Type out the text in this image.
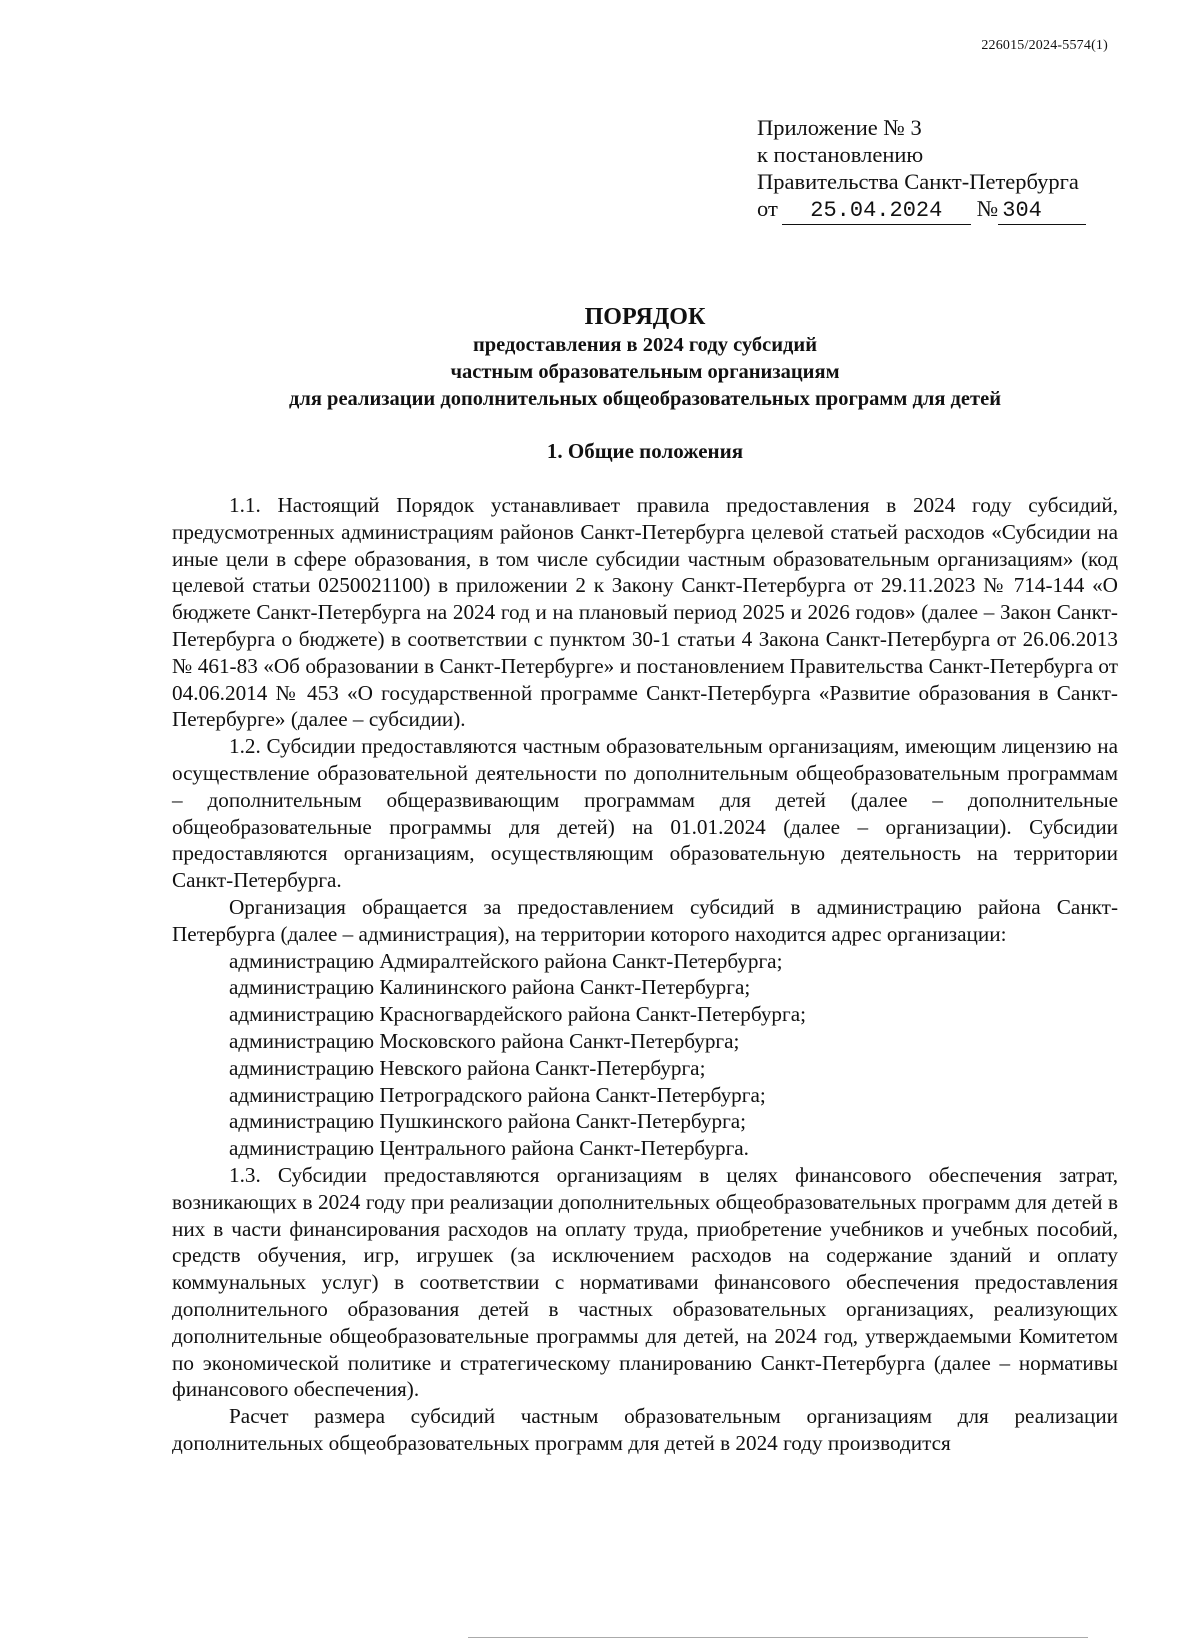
226015/2024-5574(1)
Приложение № 3
к постановлению
Правительства Санкт-Петербурга
от 25.04.2024 № 304
ПОРЯДОК
предоставления в 2024 году субсидий
частным образовательным организациям
для реализации дополнительных общеобразовательных программ для детей
1. Общие положения

1.1. Настоящий Порядок устанавливает правила предоставления в 2024 году субсидий, предусмотренных администрациям районов Санкт-Петербурга целевой статьей расходов «Субсидии на иные цели в сфере образования, в том числе субсидии частным образовательным организациям» (код целевой статьи 0250021100) в приложении 2 к Закону Санкт-Петербурга от 29.11.2023 № 714-144 «О бюджете Санкт-Петербурга на 2024 год и на плановый период 2025 и 2026 годов» (далее – Закон Санкт-Петербурга о бюджете) в соответствии с пунктом 30-1 статьи 4 Закона Санкт-Петербурга от 26.06.2013 № 461-83 «Об образовании в Санкт-Петербурге» и постановлением Правительства Санкт-Петербурга от 04.06.2014 № 453 «О государственной программе Санкт-Петербурга «Развитие образования в Санкт-Петербурге» (далее – субсидии).

1.2. Субсидии предоставляются частным образовательным организациям, имеющим лицензию на осуществление образовательной деятельности по дополнительным общеобразовательным программам – дополнительным общеразвивающим программам для детей (далее – дополнительные общеобразовательные программы для детей) на 01.01.2024 (далее – организации). Субсидии предоставляются организациям, осуществляющим образовательную деятельность на территории Санкт-Петербурга.

Организация обращается за предоставлением субсидий в администрацию района Санкт-Петербурга (далее – администрация), на территории которого находится адрес организации:

администрацию Адмиралтейского района Санкт-Петербурга;
администрацию Калининского района Санкт-Петербурга;
администрацию Красногвардейского района Санкт-Петербурга;
администрацию Московского района Санкт-Петербурга;
администрацию Невского района Санкт-Петербурга;
администрацию Петроградского района Санкт-Петербурга;
администрацию Пушкинского района Санкт-Петербурга;
администрацию Центрального района Санкт-Петербурга.

1.3. Субсидии предоставляются организациям в целях финансового обеспечения затрат, возникающих в 2024 году при реализации дополнительных общеобразовательных программ для детей в них в части финансирования расходов на оплату труда, приобретение учебников и учебных пособий, средств обучения, игр, игрушек (за исключением расходов на содержание зданий и оплату коммунальных услуг) в соответствии с нормативами финансового обеспечения предоставления дополнительного образования детей в частных образовательных организациях, реализующих дополнительные общеобразовательные программы для детей, на 2024 год, утверждаемыми Комитетом по экономической политике и стратегическому планированию Санкт-Петербурга (далее – нормативы финансового обеспечения).

Расчет размера субсидий частным образовательным организациям для реализации дополнительных общеобразовательных программ для детей в 2024 году производится
